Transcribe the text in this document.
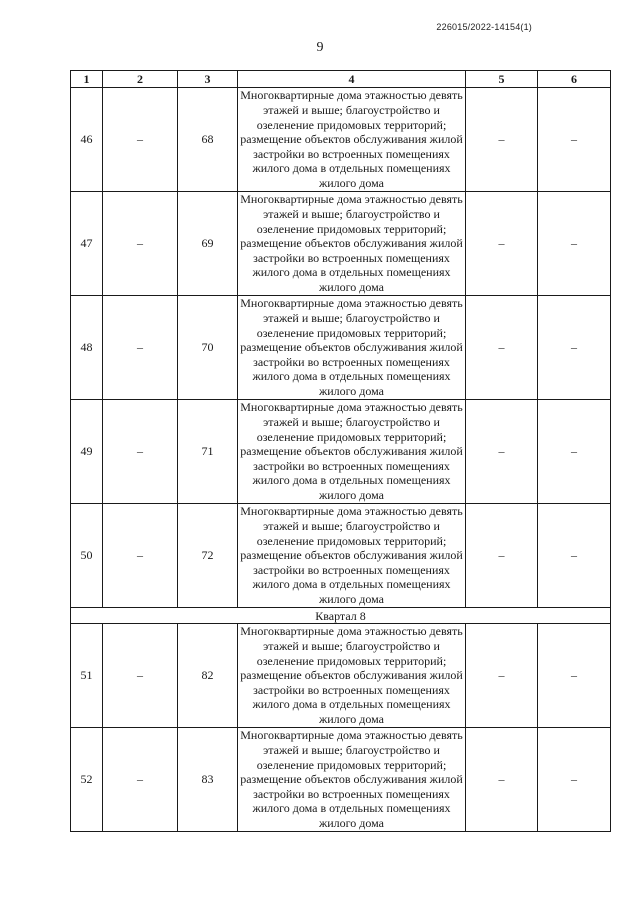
226015/2022-14154(1)
9
1	2	3	4	5	6
46	–	68	Многоквартирные дома этажностью девять этажей и выше; благоустройство и озеленение придомовых территорий; размещение объектов обслуживания жилой застройки во встроенных помещениях жилого дома в отдельных помещениях жилого дома	–	–
47	–	69	Многоквартирные дома этажностью девять этажей и выше; благоустройство и озеленение придомовых территорий; размещение объектов обслуживания жилой застройки во встроенных помещениях жилого дома в отдельных помещениях жилого дома	–	–
48	–	70	Многоквартирные дома этажностью девять этажей и выше; благоустройство и озеленение придомовых территорий; размещение объектов обслуживания жилой застройки во встроенных помещениях жилого дома в отдельных помещениях жилого дома	–	–
49	–	71	Многоквартирные дома этажностью девять этажей и выше; благоустройство и озеленение придомовых территорий; размещение объектов обслуживания жилой застройки во встроенных помещениях жилого дома в отдельных помещениях жилого дома	–	–
50	–	72	Многоквартирные дома этажностью девять этажей и выше; благоустройство и озеленение придомовых территорий; размещение объектов обслуживания жилой застройки во встроенных помещениях жилого дома в отдельных помещениях жилого дома	–	–
Квартал 8					
51	–	82	Многоквартирные дома этажностью девять этажей и выше; благоустройство и озеленение придомовых территорий; размещение объектов обслуживания жилой застройки во встроенных помещениях жилого дома в отдельных помещениях жилого дома	–	–
52	–	83	Многоквартирные дома этажностью девять этажей и выше; благоустройство и озеленение придомовых территорий; размещение объектов обслуживания жилой застройки во встроенных помещениях жилого дома в отдельных помещениях жилого дома	–	–
